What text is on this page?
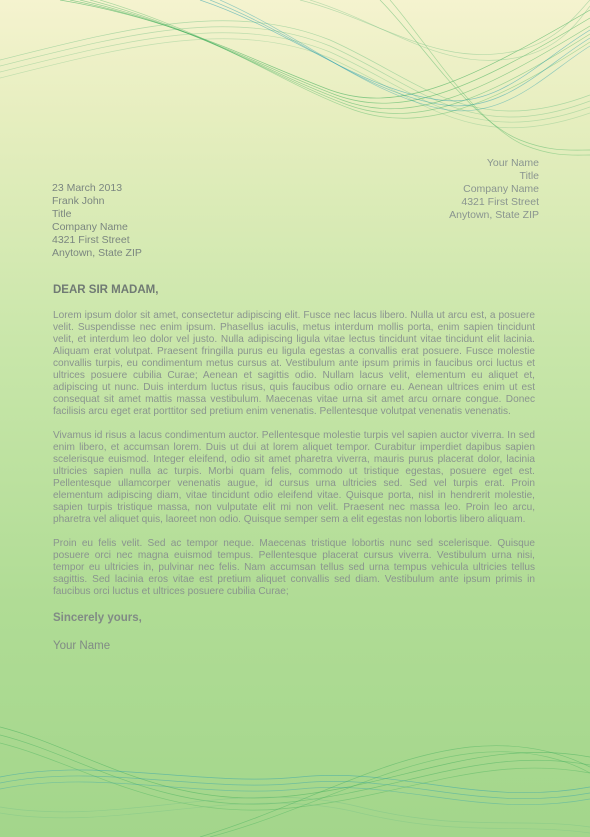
Your Name
Title
Company Name
4321 First Street
Anytown, State ZIP
23 March 2013
Frank John
Title
Company Name
4321 First Street
Anytown, State ZIP

DEAR SIR MADAM,

Lorem ipsum dolor sit amet, consectetur adipiscing elit. Fusce nec lacus libero. Nulla ut arcu est, a posuere velit. Suspendisse nec enim ipsum. Phasellus iaculis, metus interdum mollis porta, enim sapien tincidunt velit, et interdum leo dolor vel justo. Nulla adipiscing ligula vitae lectus tincidunt vitae tincidunt elit lacinia. Aliquam erat volutpat. Praesent fringilla purus eu ligula egestas a convallis erat posuere. Fusce molestie convallis turpis, eu condimentum metus cursus at. Vestibulum ante ipsum primis in faucibus orci luctus et ultrices posuere cubilia Curae; Aenean et sagittis odio. Nullam lacus velit, elementum eu aliquet et, adipiscing ut nunc. Duis interdum luctus risus, quis faucibus odio ornare eu. Aenean ultrices enim ut est consequat sit amet mattis massa vestibulum. Maecenas vitae urna sit amet arcu ornare congue. Donec facilisis arcu eget erat porttitor sed pretium enim venenatis. Pellentesque volutpat venenatis venenatis.

Vivamus id risus a lacus condimentum auctor. Pellentesque molestie turpis vel sapien auctor viverra. In sed enim libero, et accumsan lorem. Duis ut dui at lorem aliquet tempor. Curabitur imperdiet dapibus sapien scelerisque euismod. Integer eleifend, odio sit amet pharetra viverra, mauris purus placerat dolor, lacinia ultricies sapien nulla ac turpis. Morbi quam felis, commodo ut tristique egestas, posuere eget est. Pellentesque ullamcorper venenatis augue, id cursus urna ultricies sed. Sed vel turpis erat. Proin elementum adipiscing diam, vitae tincidunt odio eleifend vitae. Quisque porta, nisl in hendrerit molestie, sapien turpis tristique massa, non vulputate elit mi non velit. Praesent nec massa leo. Proin leo arcu, pharetra vel aliquet quis, laoreet non odio. Quisque semper sem a elit egestas non lobortis libero aliquam.

Proin eu felis velit. Sed ac tempor neque. Maecenas tristique lobortis nunc sed scelerisque. Quisque posuere orci nec magna euismod tempus. Pellentesque placerat cursus viverra. Vestibulum urna nisi, tempor eu ultricies in, pulvinar nec felis. Nam accumsan tellus sed urna tempus vehicula ultricies tellus sagittis. Sed lacinia eros vitae est pretium aliquet convallis sed diam. Vestibulum ante ipsum primis in faucibus orci luctus et ultrices posuere cubilia Curae;

Sincerely yours,

Your Name
